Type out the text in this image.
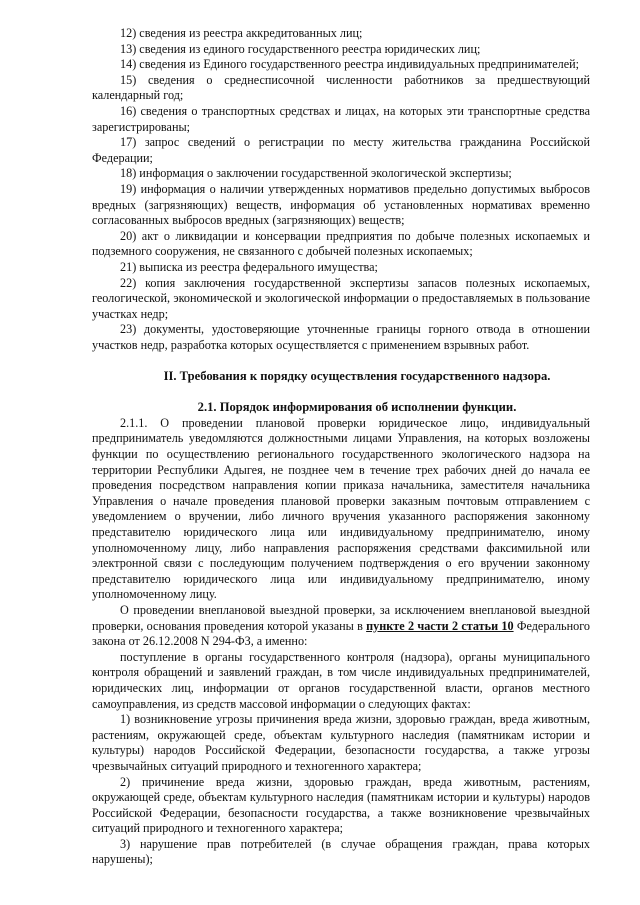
12) сведения из реестра аккредитованных лиц;

13) сведения из единого государственного реестра юридических лиц;

14) сведения из Единого государственного реестра индивидуальных предпринимателей;

15) сведения о среднесписочной численности работников за предшествующий календарный год;

16) сведения о транспортных средствах и лицах, на которых эти транспортные средства зарегистрированы;

17) запрос сведений о регистрации по месту жительства гражданина Российской Федерации;

18) информация о заключении государственной экологической экспертизы;

19) информация о наличии утвержденных нормативов предельно допустимых выбросов вредных (загрязняющих) веществ, информация об установленных нормативах временно согласованных выбросов вредных (загрязняющих) веществ;

20) акт о ликвидации и консервации предприятия по добыче полезных ископаемых и подземного сооружения, не связанного с добычей полезных ископаемых;

21) выписка из реестра федерального имущества;

22) копия заключения государственной экспертизы запасов полезных ископаемых, геологической, экономической и экологической информации о предоставляемых в пользование участках недр;

23) документы, удостоверяющие уточненные границы горного отвода в отношении участков недр, разработка которых осуществляется с применением взрывных работ.

II. Требования к порядку осуществления государственного надзора.
2.1. Порядок информирования об исполнении функции.

2.1.1. О проведении плановой проверки юридическое лицо, индивидуальный предприниматель уведомляются должностными лицами Управления, на которых возложены функции по осуществлению регионального государственного экологического надзора на территории Республики Адыгея, не позднее чем в течение трех рабочих дней до начала ее проведения посредством направления копии приказа начальника, заместителя начальника Управления о начале проведения плановой проверки заказным почтовым отправлением с уведомлением о вручении, либо личного вручения указанного распоряжения законному представителю юридического лица или индивидуальному предпринимателю, иному уполномоченному лицу, либо направления распоряжения средствами факсимильной или электронной связи с последующим получением подтверждения о его вручении законному представителю юридического лица или индивидуальному предпринимателю, иному уполномоченному лицу.

О проведении внеплановой выездной проверки, за исключением внеплановой выездной проверки, основания проведения которой указаны в пункте 2 части 2 статьи 10 Федерального закона от 26.12.2008 N 294-ФЗ, а именно:

поступление в органы государственного контроля (надзора), органы муниципального контроля обращений и заявлений граждан, в том числе индивидуальных предпринимателей, юридических лиц, информации от органов государственной власти, органов местного самоуправления, из средств массовой информации о следующих фактах:

1) возникновение угрозы причинения вреда жизни, здоровью граждан, вреда животным, растениям, окружающей среде, объектам культурного наследия (памятникам истории и культуры) народов Российской Федерации, безопасности государства, а также угрозы чрезвычайных ситуаций природного и техногенного характера;

2) причинение вреда жизни, здоровью граждан, вреда животным, растениям, окружающей среде, объектам культурного наследия (памятникам истории и культуры) народов Российской Федерации, безопасности государства, а также возникновение чрезвычайных ситуаций природного и техногенного характера;

3) нарушение прав потребителей (в случае обращения граждан, права которых нарушены);
